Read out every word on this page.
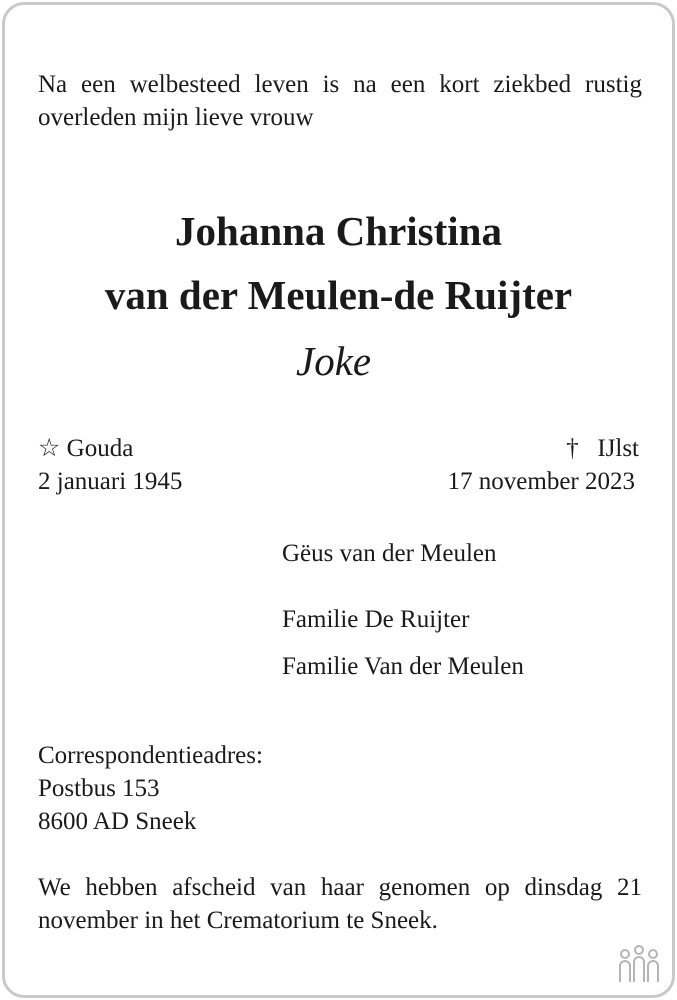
Na een welbesteed leven is na een kort ziekbed rustig overleden mijn lieve vrouw
Johanna Christina
van der Meulen-de Ruijter
Joke
☆ Gouda
2 januari 1945
† IJlst
17 november 2023
Gëus van der Meulen
Familie De Ruijter
Familie Van der Meulen
Correspondentieadres:
Postbus 153
8600 AD Sneek
We hebben afscheid van haar genomen op dinsdag 21 november in het Crematorium te Sneek.
